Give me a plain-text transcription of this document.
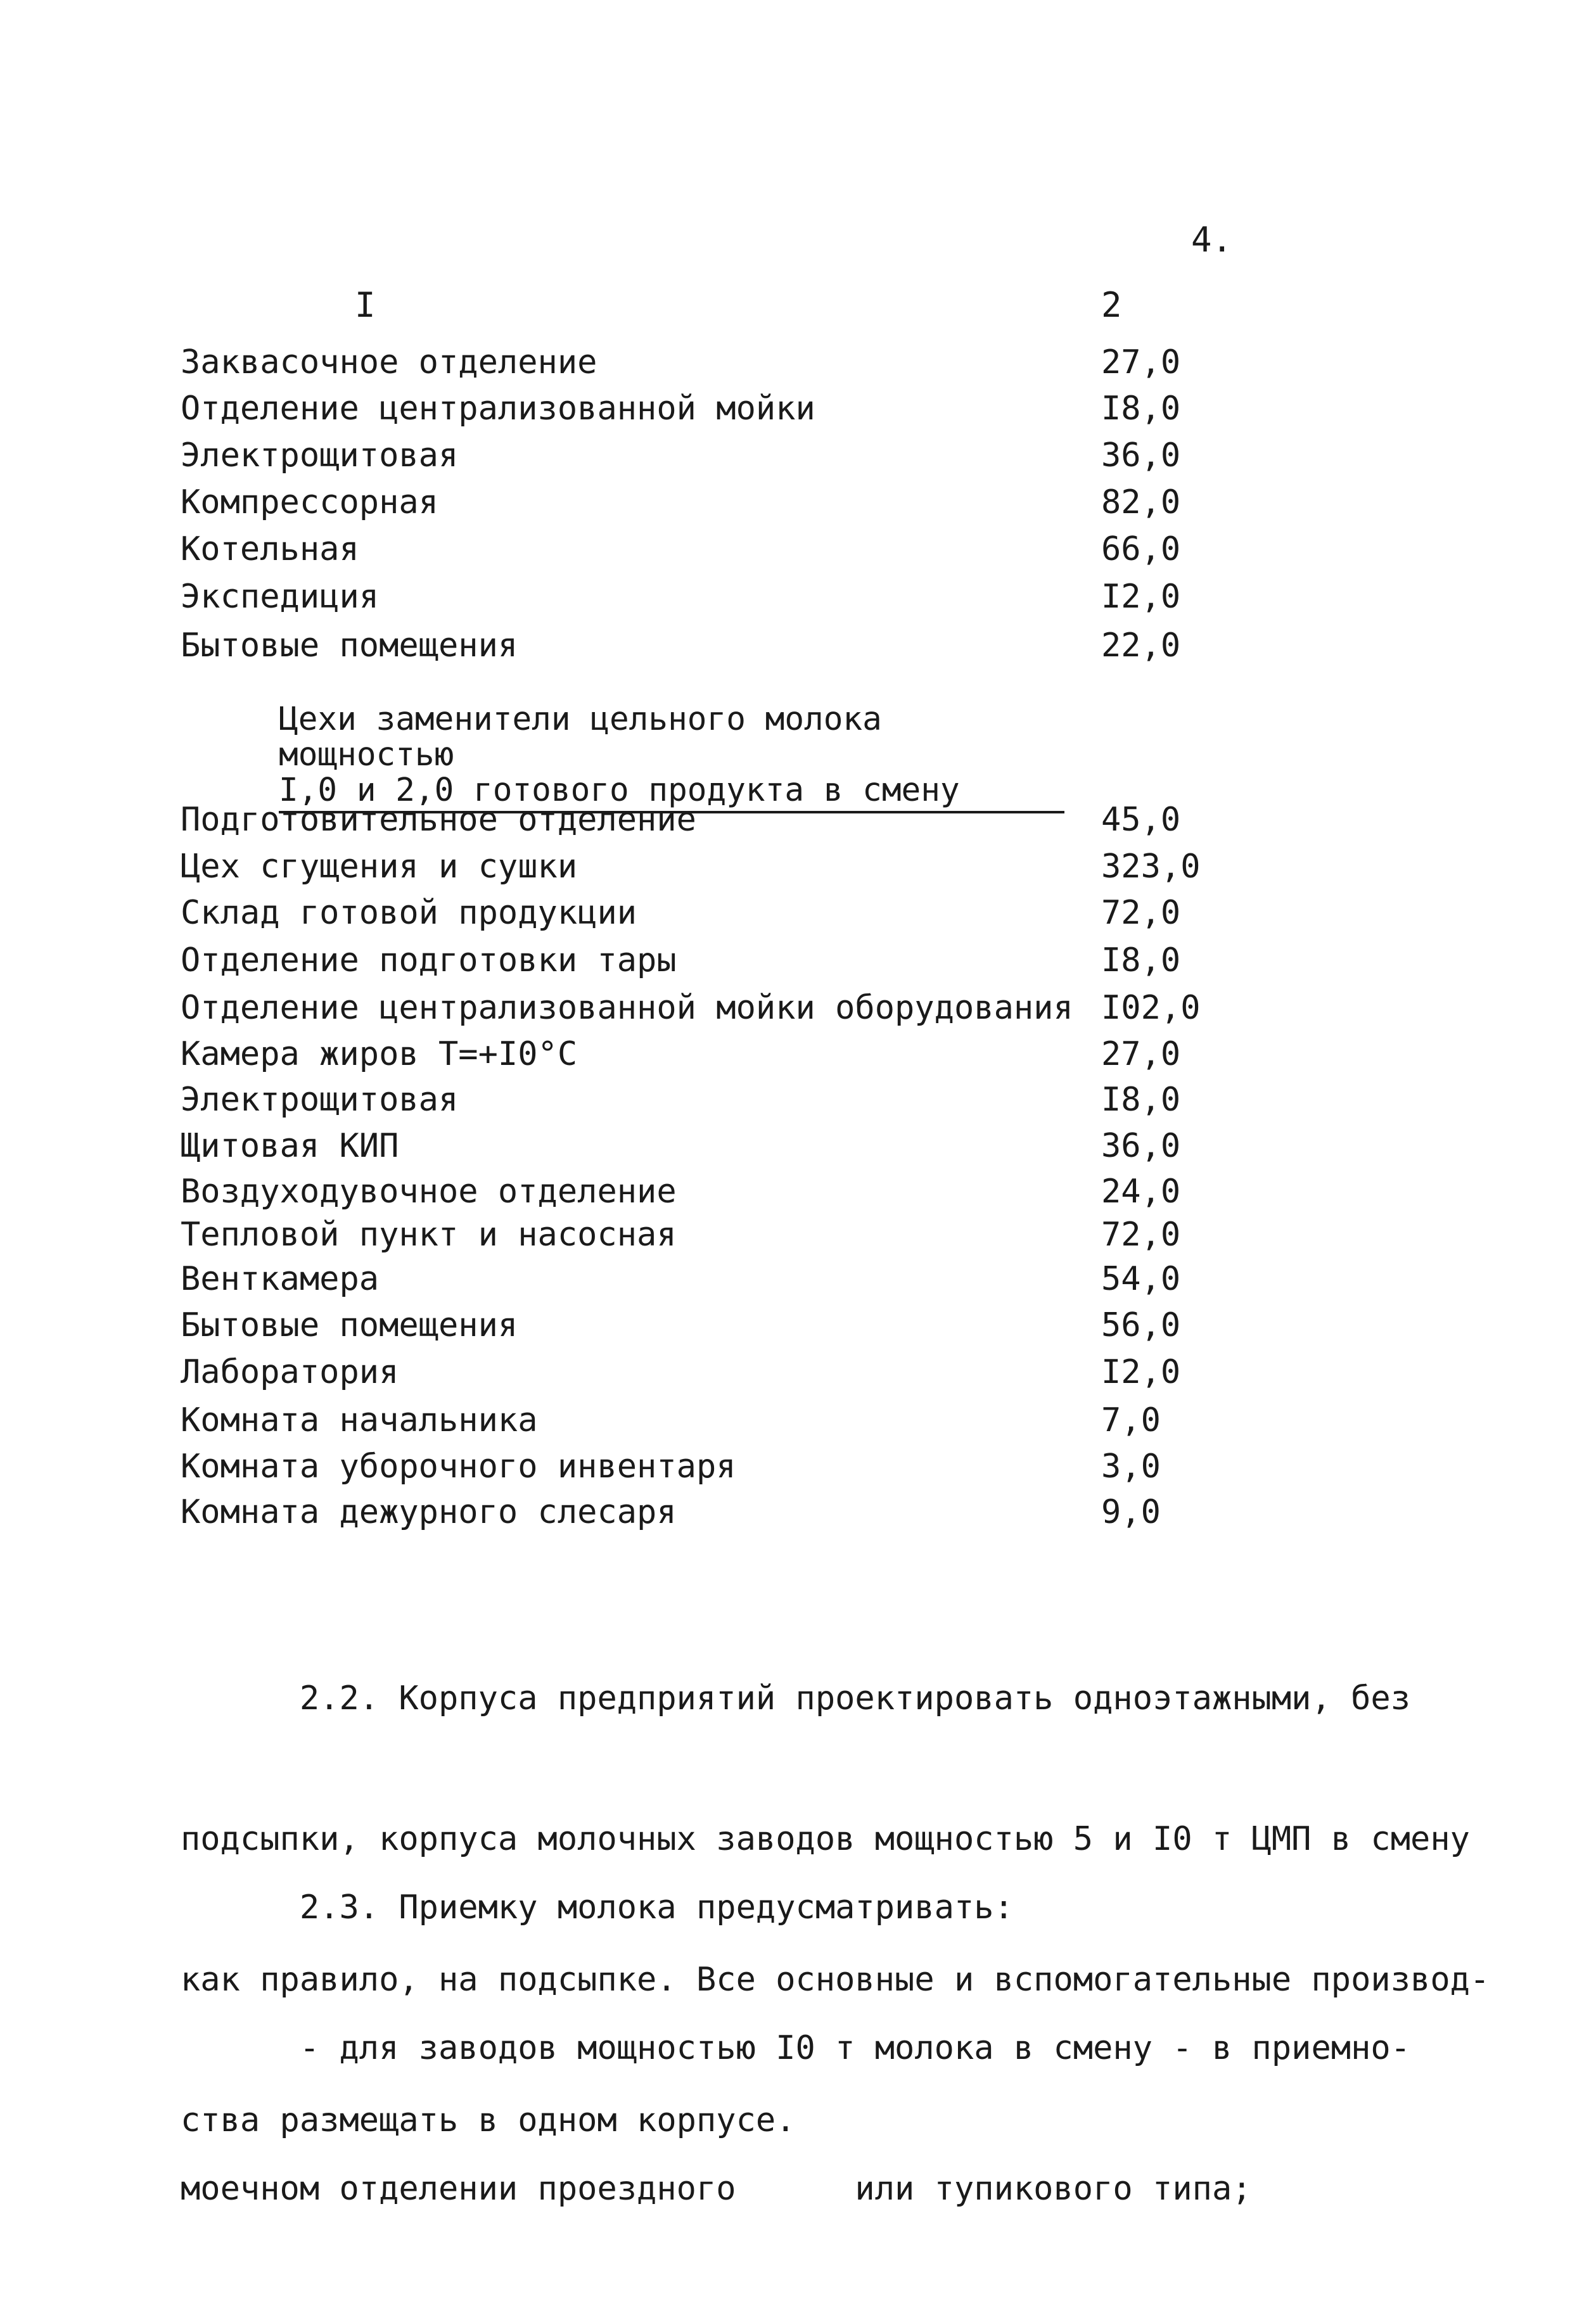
4.
I	2
Заквасочное отделение	27,0
Отделение централизованной мойки	I8,0
Электрощитовая	36,0
Компрессорная	82,0
Котельная	66,0
Экспедиция	I2,0
Бытовые помещения	22,0
Цехи заменители цельного молока мощностью
I,0 и 2,0 готового продукта в смену
Подготовительное отделение	45,0
Цех сгущения и сушки	323,0
Склад готовой продукции	72,0
Отделение подготовки тары	I8,0
Отделение централизованной мойки оборудования I02,0
Камера жиров Т=+I0°С	27,0
Электрощитовая	I8,0
Щитовая КИП	36,0
Воздуходувочное отделение	24,0
Тепловой пункт и насосная	72,0
Венткамера	54,0
Бытовые помещения	56,0
Лаборатория	I2,0
Комната начальника	7,0
Комната уборочного инвентаря	3,0
Комната дежурного слесаря	9,0

2.2. Корпуса предприятий проектировать одноэтажными, без

подсыпки, корпуса молочных заводов мощностью 5 и I0 т ЦМП в смену

как правило, на подсыпке. Все основные и вспомогательные производ-

ства размещать в одном корпусе.

2.3. Приемку молока предусматривать:

- для заводов мощностью I0 т молока в смену - в приемно-

моечном отделении проездного      или тупикового типа;
